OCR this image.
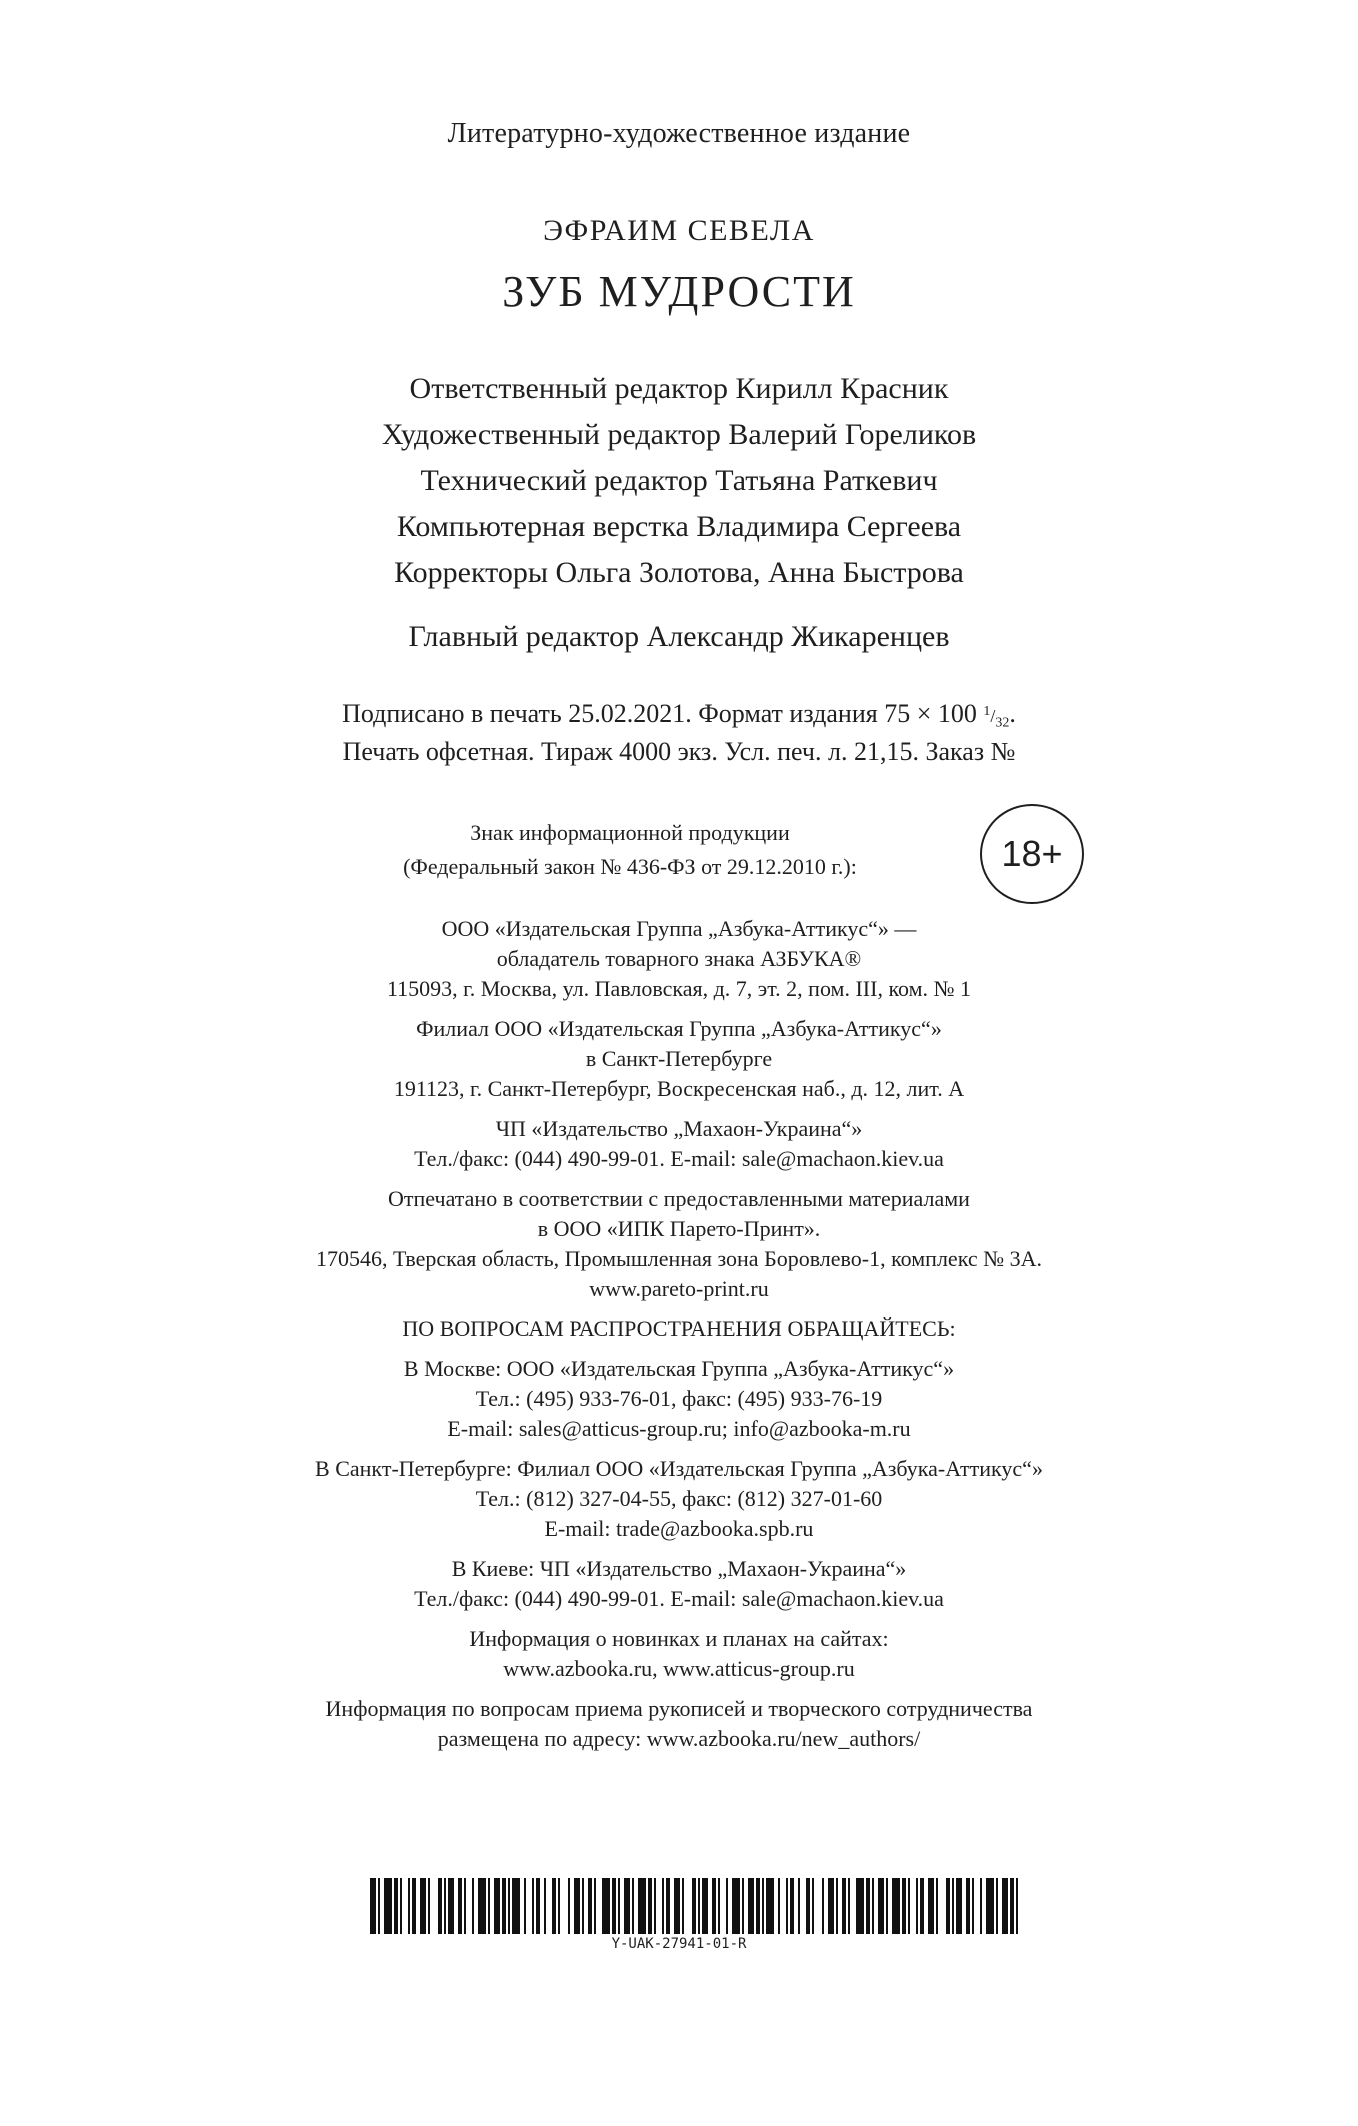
Литературно-художественное издание
ЭФРАИМ СЕВЕЛА
ЗУБ МУДРОСТИ
Ответственный редактор Кирилл Красник
Художественный редактор Валерий Гореликов
Технический редактор Татьяна Раткевич
Компьютерная верстка Владимира Сергеева
Корректоры Ольга Золотова, Анна Быстрова
Главный редактор Александр Жикаренцев
Подписано в печать 25.02.2021. Формат издания 75 × 100 $^1/_{32}$.
Печать офсетная. Тираж 4000 экз. Усл. печ. л. 21,15. Заказ №
Знак информационной продукции
(Федеральный закон № 436-ФЗ от 29.12.2010 г.):	18+
ООО «Издательская Группа „Азбука-Аттикус“» —
обладатель товарного знака АЗБУКА®
115093, г. Москва, ул. Павловская, д. 7, эт. 2, пом. III, ком. № 1
Филиал ООО «Издательская Группа „Азбука-Аттикус“»
в Санкт-Петербурге
191123, г. Санкт-Петербург, Воскресенская наб., д. 12, лит. А
ЧП «Издательство „Махаон-Украина“»
Тел./факс: (044) 490-99-01. E-mail: sale@machaon.kiev.ua
Отпечатано в соответствии с предоставленными материалами
в ООО «ИПК Парето-Принт».
170546, Тверская область, Промышленная зона Боровлево-1, комплекс № 3А.
www.pareto-print.ru
ПО ВОПРОСАМ РАСПРОСТРАНЕНИЯ ОБРАЩАЙТЕСЬ:
В Москве: ООО «Издательская Группа „Азбука-Аттикус“»
Тел.: (495) 933-76-01, факс: (495) 933-76-19
E-mail: sales@atticus-group.ru; info@azbooka-m.ru
В Санкт-Петербурге: Филиал ООО «Издательская Группа „Азбука-Аттикус“»
Тел.: (812) 327-04-55, факс: (812) 327-01-60
E-mail: trade@azbooka.spb.ru
В Киеве: ЧП «Издательство „Махаон-Украина“»
Тел./факс: (044) 490-99-01. E-mail: sale@machaon.kiev.ua
Информация о новинках и планах на сайтах:
www.azbooka.ru, www.atticus-group.ru
Информация по вопросам приема рукописей и творческого сотрудничества
размещена по адресу: www.azbooka.ru/new_authors/
Y-UAK-27941-01-R
